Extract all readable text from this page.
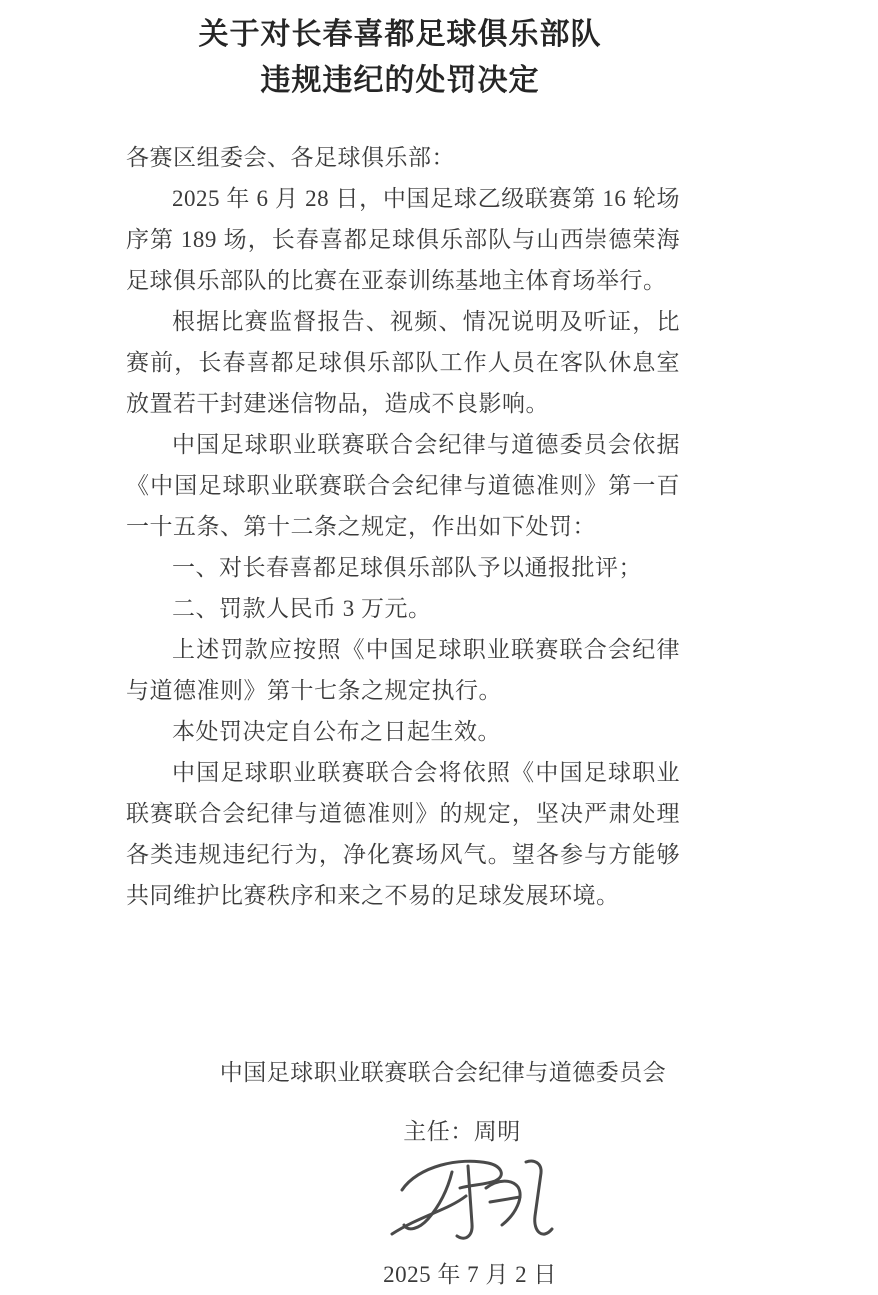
关于对长春喜都足球俱乐部队
违规违纪的处罚决定

各赛区组委会、各足球俱乐部：

2025 年 6 月 28 日，中国足球乙级联赛第 16 轮场序第 189 场，长春喜都足球俱乐部队与山西崇德荣海足球俱乐部队的比赛在亚泰训练基地主体育场举行。

根据比赛监督报告、视频、情况说明及听证，比赛前，长春喜都足球俱乐部队工作人员在客队休息室放置若干封建迷信物品，造成不良影响。

中国足球职业联赛联合会纪律与道德委员会依据《中国足球职业联赛联合会纪律与道德准则》第一百一十五条、第十二条之规定，作出如下处罚：

一、对长春喜都足球俱乐部队予以通报批评；

二、罚款人民币 3 万元。

上述罚款应按照《中国足球职业联赛联合会纪律与道德准则》第十七条之规定执行。

本处罚决定自公布之日起生效。

中国足球职业联赛联合会将依照《中国足球职业联赛联合会纪律与道德准则》的规定，坚决严肃处理各类违规违纪行为，净化赛场风气。望各参与方能够共同维护比赛秩序和来之不易的足球发展环境。

中国足球职业联赛联合会纪律与道德委员会
主任：周明
2025 年 7 月 2 日
